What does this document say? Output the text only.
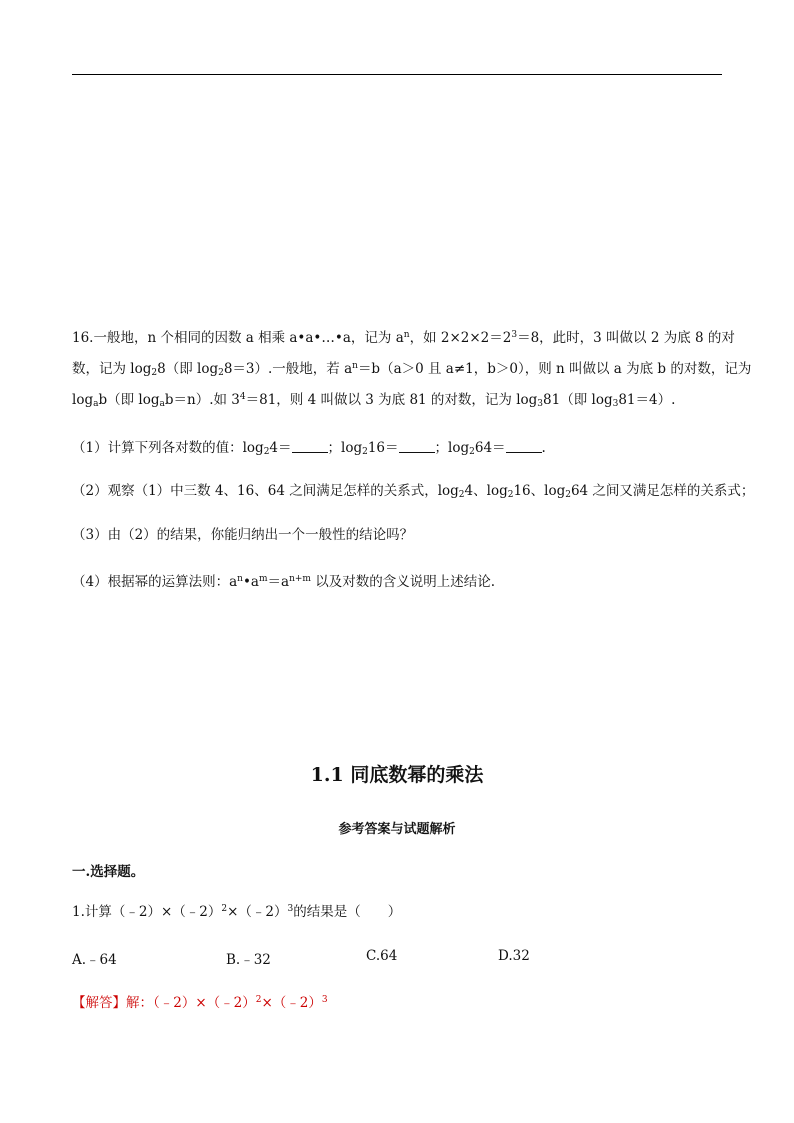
16.一般地，n 个相同的因数 a 相乘 a•a•…•a，记为 $a^n$，如 $2\times 2\times 2=2^3=8$，此时，3 叫做以 2 为底 8 的对
数，记为 $\log_28$（即 $\log_28=3$）.一般地，若 $a^n=b(a>0$ 且 a≠1，b＞0），则 n 叫做以 a 为底 b 的对数，记为
$\log_ab$（即 $\log_ab=n$）.如 $3^4=81$，则 4 叫做以 3 为底 81 的对数，记为 $\log_381$（即 $\log_381=4$）.
（1）计算下列各对数的值：$\log_24=$	；$\log_216=$	；$\log_264=$	.
（2）观察（1）中三数 4、16、64 之间满足怎样的关系式，$\log_24$、$\log_216$、$\log_264$ 之间又满足怎样的关系式；
（3）由（2）的结果，你能归纳出一个一般性的结论吗？
（4）根据幂的运算法则：$a^n•a^m=a^{n+m}$ 以及对数的含义说明上述结论.
1.1 同底数幂的乘法
参考答案与试题解析
一.选择题。
1.计算（﹣2）×（﹣2）$^2$×（﹣2）$^3$的结果是（　　）
A.﹣64	B.﹣32	C.64	D.32
【解答】解：（﹣2）×（﹣2）$^2$×（﹣2）$^3$
